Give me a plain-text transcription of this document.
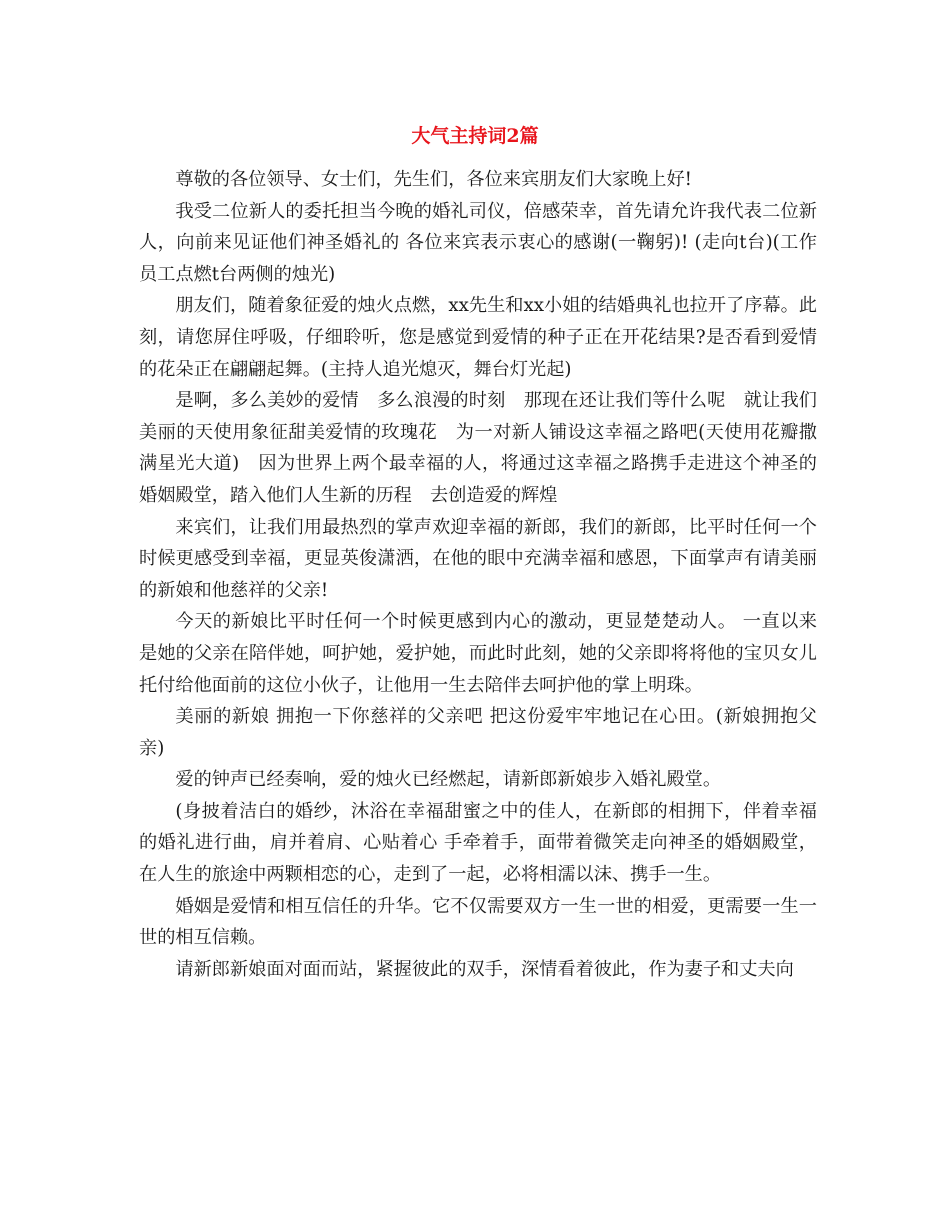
大气主持词2篇

尊敬的各位领导、女士们，先生们，各位来宾朋友们大家晚上好!

我受二位新人的委托担当今晚的婚礼司仪，倍感荣幸，首先请允许我代表二位新人，向前来见证他们神圣婚礼的 各位来宾表示衷心的感谢(一鞠躬)! (走向t台)(工作员工点燃t台两侧的烛光)

朋友们，随着象征爱的烛火点燃，xx先生和xx小姐的结婚典礼也拉开了序幕。此刻，请您屏住呼吸，仔细聆听，您是感觉到爱情的种子正在开花结果?是否看到爱情的花朵正在翩翩起舞。(主持人追光熄灭，舞台灯光起)

是啊，多么美妙的爱情　多么浪漫的时刻　那现在还让我们等什么呢　就让我们美丽的天使用象征甜美爱情的玫瑰花　为一对新人铺设这幸福之路吧(天使用花瓣撒满星光大道)　因为世界上两个最幸福的人，将通过这幸福之路携手走进这个神圣的婚姻殿堂，踏入他们人生新的历程　去创造爱的辉煌

来宾们，让我们用最热烈的掌声欢迎幸福的新郎，我们的新郎，比平时任何一个时候更感受到幸福，更显英俊潇洒，在他的眼中充满幸福和感恩，下面掌声有请美丽的新娘和他慈祥的父亲!

今天的新娘比平时任何一个时候更感到内心的激动，更显楚楚动人。 一直以来是她的父亲在陪伴她，呵护她，爱护她，而此时此刻，她的父亲即将将他的宝贝女儿托付给他面前的这位小伙子，让他用一生去陪伴去呵护他的掌上明珠。

美丽的新娘 拥抱一下你慈祥的父亲吧 把这份爱牢牢地记在心田。(新娘拥抱父亲)

爱的钟声已经奏响，爱的烛火已经燃起，请新郎新娘步入婚礼殿堂。

(身披着洁白的婚纱，沐浴在幸福甜蜜之中的佳人，在新郎的相拥下，伴着幸福的婚礼进行曲，肩并着肩、心贴着心 手牵着手，面带着微笑走向神圣的婚姻殿堂，在人生的旅途中两颗相恋的心，走到了一起，必将相濡以沫、携手一生。

婚姻是爱情和相互信任的升华。它不仅需要双方一生一世的相爱，更需要一生一世的相互信赖。

请新郎新娘面对面而站，紧握彼此的双手，深情看着彼此，作为妻子和丈夫向
